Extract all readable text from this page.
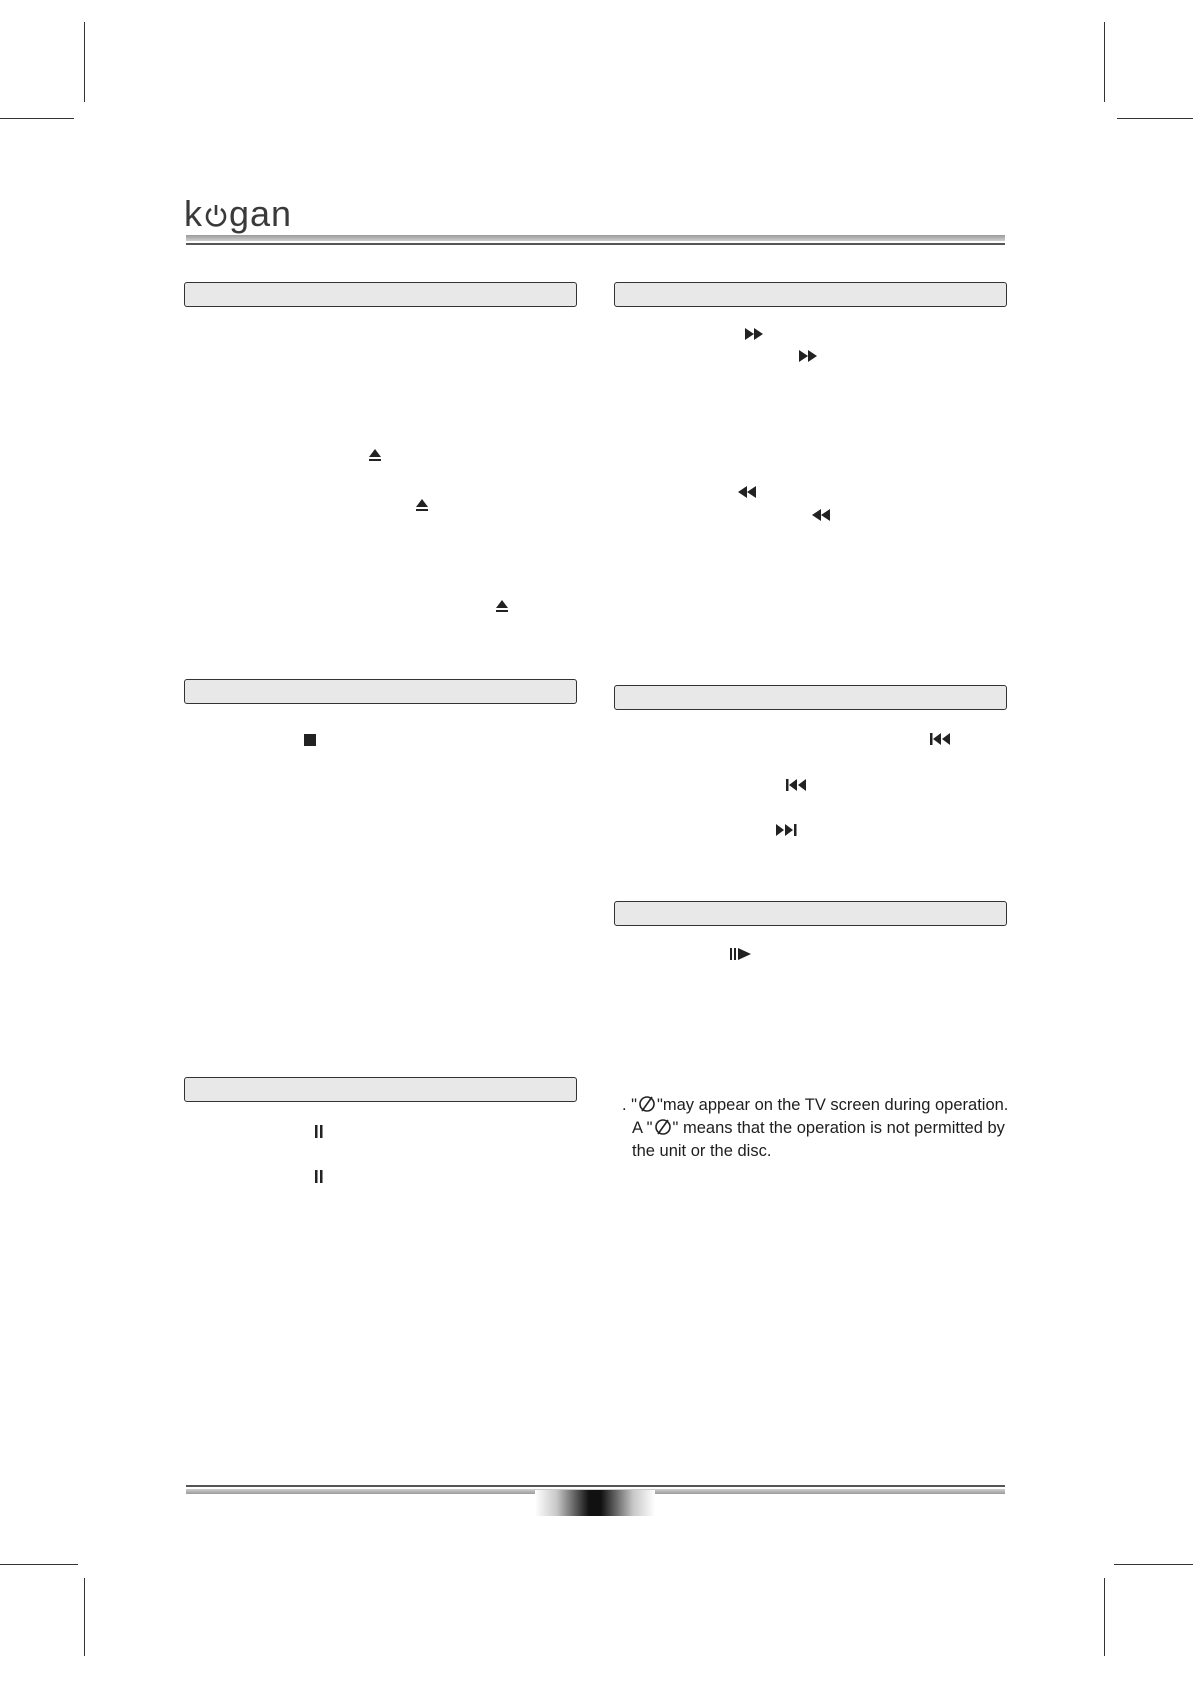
k gan
. " "may appear on the TV screen during operation.
A " " means that the operation is not permitted by
the unit or the disc.
